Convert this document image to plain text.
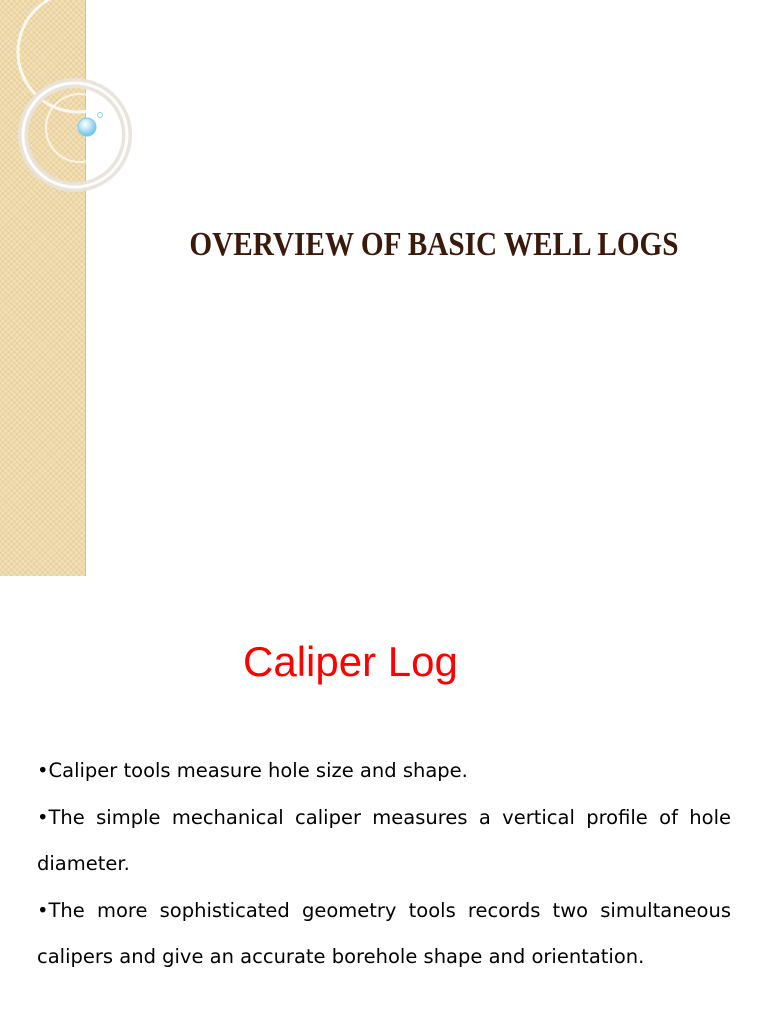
OVERVIEW OF BASIC WELL LOGS
Caliper Log

•Caliper tools measure hole size and shape.

•The simple mechanical caliper measures a vertical profile of hole diameter.

•The more sophisticated geometry tools records two simultaneous calipers and give an accurate borehole shape and orientation.
